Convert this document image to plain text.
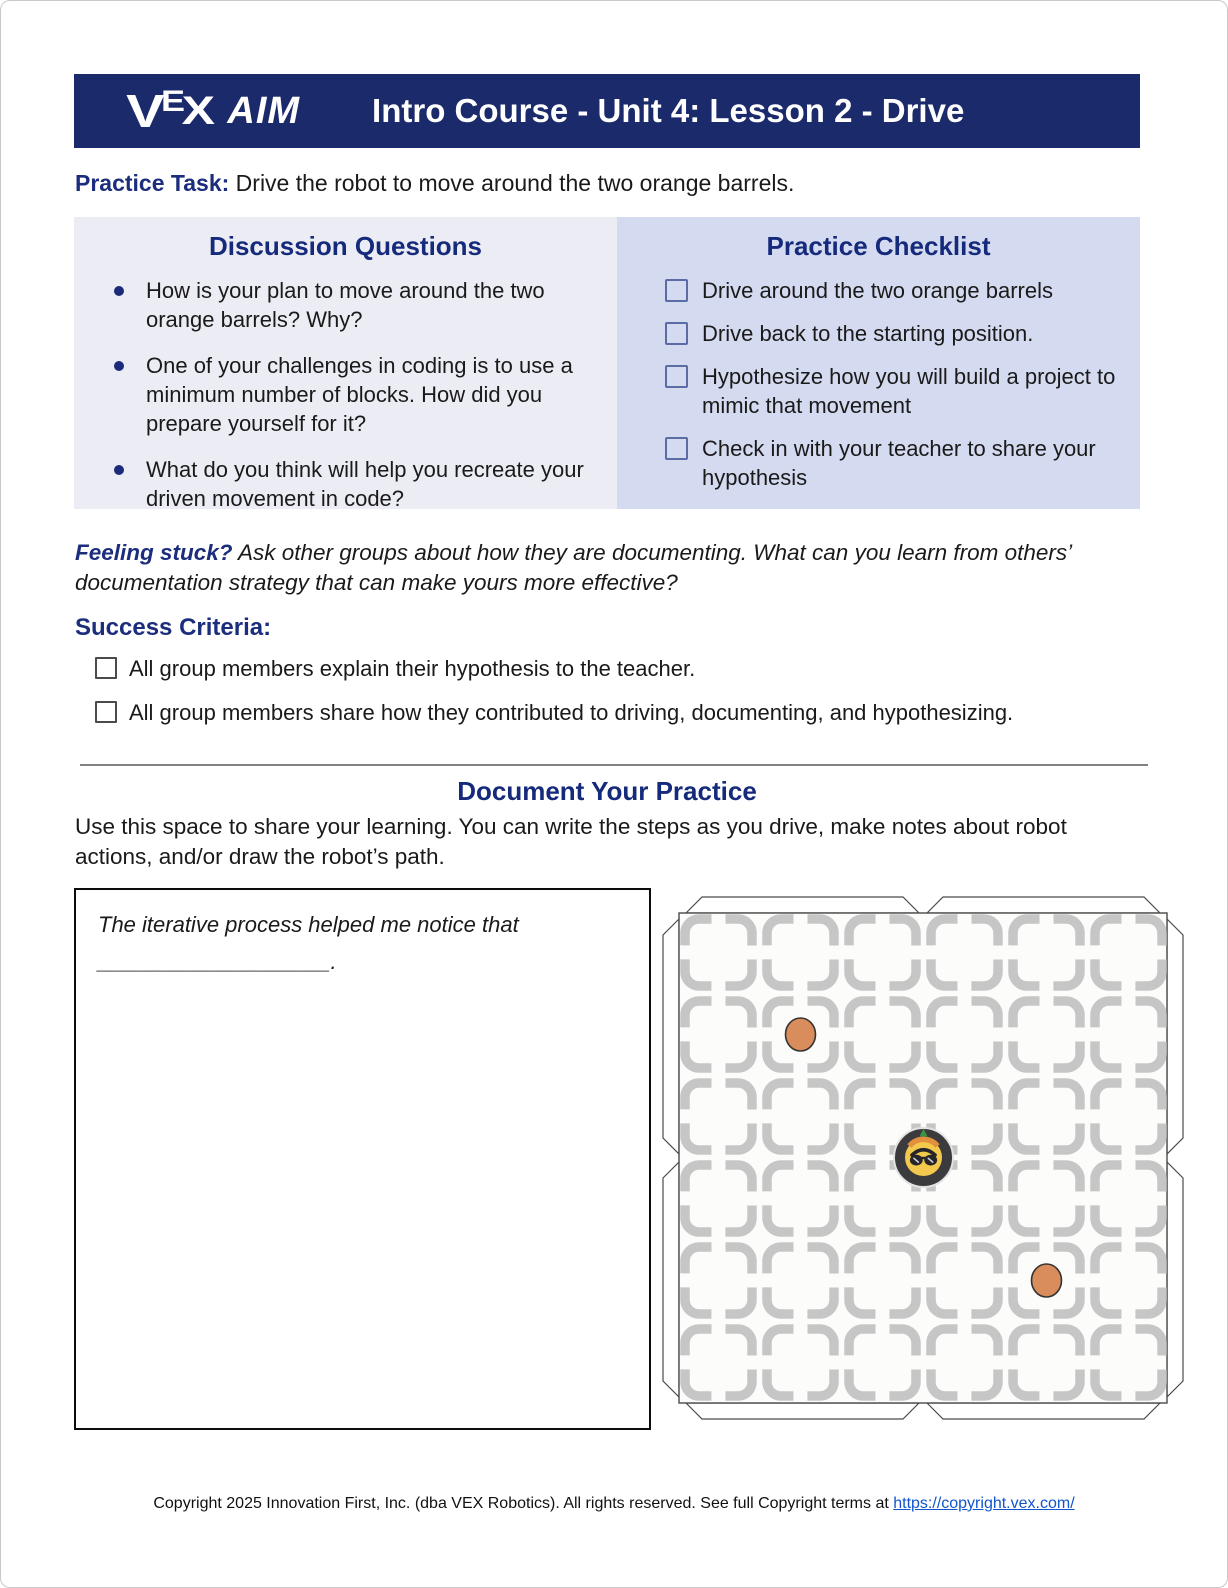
V
E
X AIM Intro Course - Unit 4: Lesson 2 - Drive
Practice Task: Drive the robot to move around the two orange barrels.
Discussion Questions
How is your plan to move around the two orange barrels? Why?
One of your challenges in coding is to use a minimum number of blocks. How did you prepare yourself for it?
What do you think will help you recreate your driven movement in code?
Practice Checklist
Drive around the two orange barrels
Drive back to the starting position.
Hypothesize how you will build a project to mimic that movement
Check in with your teacher to share your hypothesis
Feeling stuck? Ask other groups about how they are documenting. What can you learn from others’ documentation strategy that can make yours more effective?
Success Criteria:
All group members explain their hypothesis to the teacher.
All group members share how they contributed to driving, documenting, and hypothesizing.
Document Your Practice
Use this space to share your learning. You can write the steps as you drive, make notes about robot actions, and/or draw the robot’s path.
The iterative process helped me notice that
___________________.
Copyright 2025 Innovation First, Inc. (dba VEX Robotics). All rights reserved. See full Copyright terms at https://copyright.vex.com/
